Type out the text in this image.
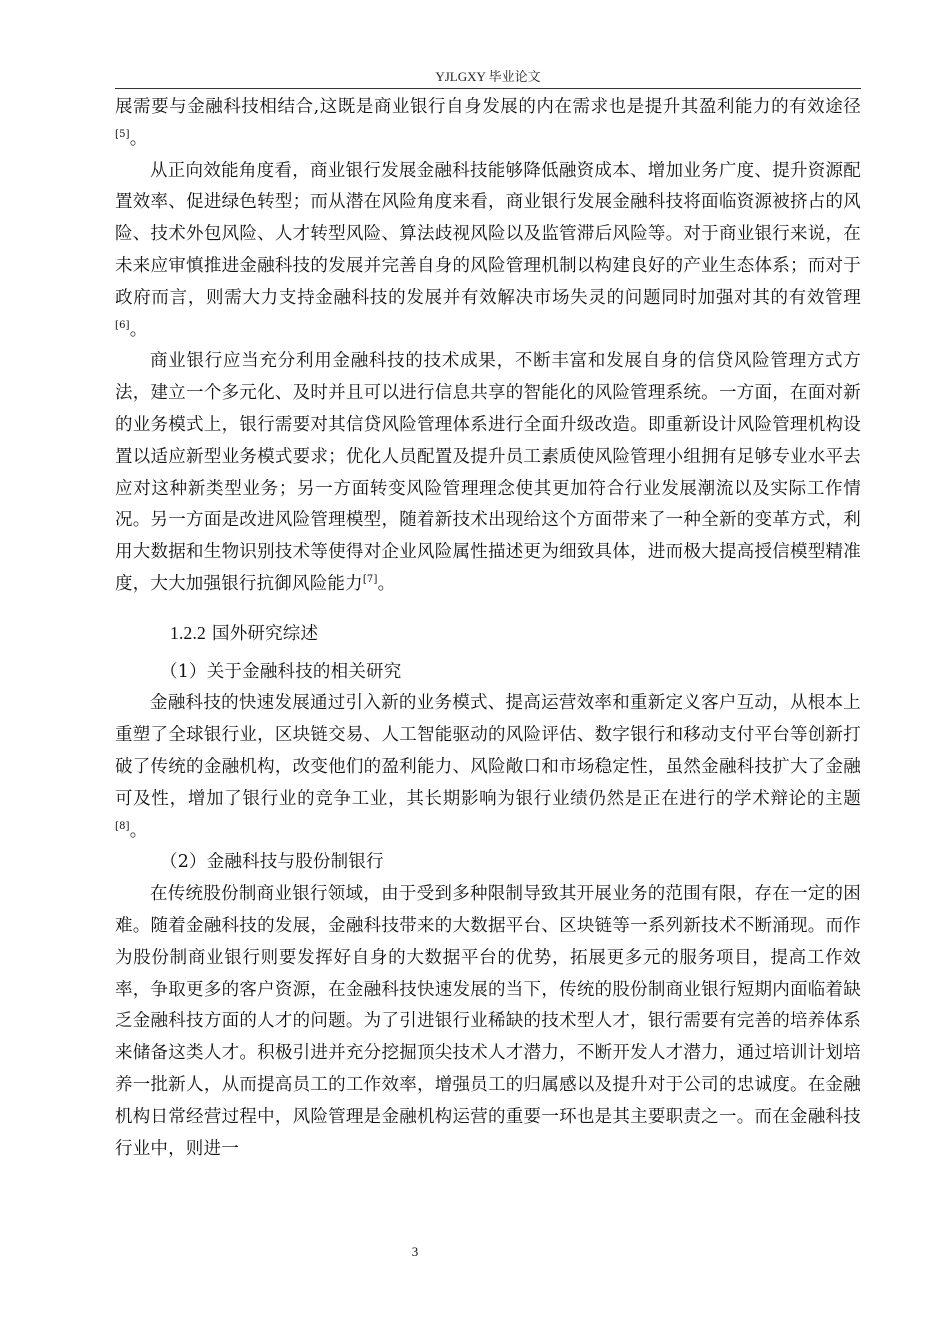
YJLGXY 毕业论文

展需要与金融科技相结合,这既是商业银行自身发展的内在需求也是提升其盈利能力的有效途径[5]。

从正向效能角度看，商业银行发展金融科技能够降低融资成本、增加业务广度、提升资源配置效率、促进绿色转型；而从潜在风险角度来看，商业银行发展金融科技将面临资源被挤占的风险、技术外包风险、人才转型风险、算法歧视风险以及监管滞后风险等。对于商业银行来说，在未来应审慎推进金融科技的发展并完善自身的风险管理机制以构建良好的产业生态体系；而对于政府而言，则需大力支持金融科技的发展并有效解决市场失灵的问题同时加强对其的有效管理[6]。

商业银行应当充分利用金融科技的技术成果，不断丰富和发展自身的信贷风险管理方式方法，建立一个多元化、及时并且可以进行信息共享的智能化的风险管理系统。一方面，在面对新的业务模式上，银行需要对其信贷风险管理体系进行全面升级改造。即重新设计风险管理机构设置以适应新型业务模式要求；优化人员配置及提升员工素质使风险管理小组拥有足够专业水平去应对这种新类型业务；另一方面转变风险管理理念使其更加符合行业发展潮流以及实际工作情况。另一方面是改进风险管理模型，随着新技术出现给这个方面带来了一种全新的变革方式，利用大数据和生物识别技术等使得对企业风险属性描述更为细致具体，进而极大提高授信模型精准度，大大加强银行抗御风险能力[7]。

1.2.2 国外研究综述

（1）关于金融科技的相关研究

金融科技的快速发展通过引入新的业务模式、提高运营效率和重新定义客户互动，从根本上重塑了全球银行业，区块链交易、人工智能驱动的风险评估、数字银行和移动支付平台等创新打破了传统的金融机构，改变他们的盈利能力、风险敞口和市场稳定性，虽然金融科技扩大了金融可及性，增加了银行业的竞争工业，其长期影响为银行业绩仍然是正在进行的学术辩论的主题[8]。

（2）金融科技与股份制银行

在传统股份制商业银行领域，由于受到多种限制导致其开展业务的范围有限，存在一定的困难。随着金融科技的发展，金融科技带来的大数据平台、区块链等一系列新技术不断涌现。而作为股份制商业银行则要发挥好自身的大数据平台的优势，拓展更多元的服务项目，提高工作效率，争取更多的客户资源，在金融科技快速发展的当下，传统的股份制商业银行短期内面临着缺乏金融科技方面的人才的问题。为了引进银行业稀缺的技术型人才，银行需要有完善的培养体系来储备这类人才。积极引进并充分挖掘顶尖技术人才潜力，不断开发人才潜力，通过培训计划培养一批新人，从而提高员工的工作效率，增强员工的归属感以及提升对于公司的忠诚度。在金融机构日常经营过程中，风险管理是金融机构运营的重要一环也是其主要职责之一。而在金融科技行业中，则进一

3
